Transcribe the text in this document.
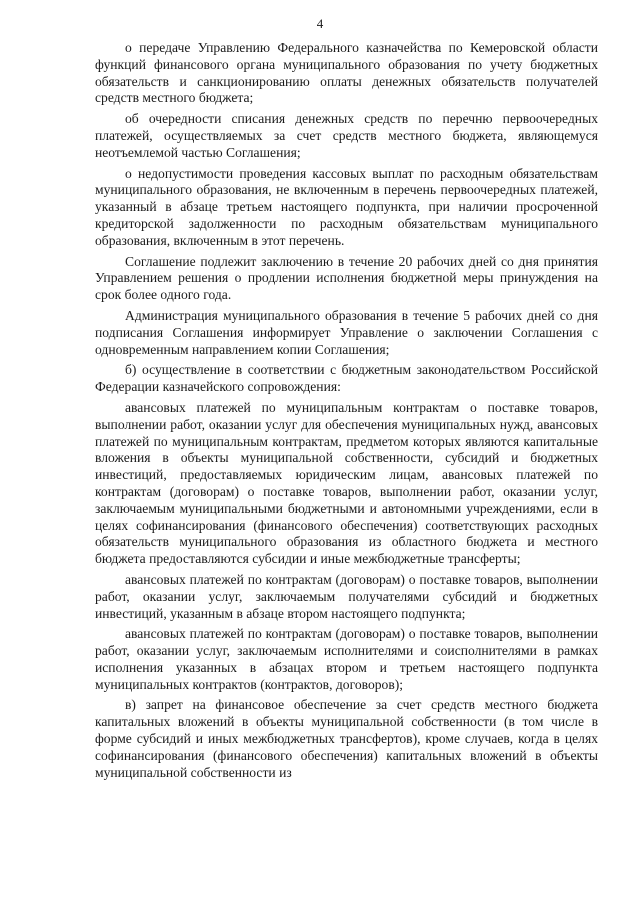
4

о передаче Управлению Федерального казначейства по Кемеровской области функций финансового органа муниципального образования по учету бюджетных обязательств и санкционированию оплаты денежных обязательств получателей средств местного бюджета;

об очередности списания денежных средств по перечню первоочередных платежей, осуществляемых за счет средств местного бюджета, являющемуся неотъемлемой частью Соглашения;

о недопустимости проведения кассовых выплат по расходным обязательствам муниципального образования, не включенным в перечень первоочередных платежей, указанный в абзаце третьем настоящего подпункта, при наличии просроченной кредиторской задолженности по расходным обязательствам муниципального образования, включенным в этот перечень.

Соглашение подлежит заключению в течение 20 рабочих дней со дня принятия Управлением решения о продлении исполнения бюджетной меры принуждения на срок более одного года.

Администрация муниципального образования в течение 5 рабочих дней со дня подписания Соглашения информирует Управление о заключении Соглашения с одновременным направлением копии Соглашения;

б) осуществление в соответствии с бюджетным законодательством Российской Федерации казначейского сопровождения:

авансовых платежей по муниципальным контрактам о поставке товаров, выполнении работ, оказании услуг для обеспечения муниципальных нужд, авансовых платежей по муниципальным контрактам, предметом которых являются капитальные вложения в объекты муниципальной собственности, субсидий и бюджетных инвестиций, предоставляемых юридическим лицам, авансовых платежей по контрактам (договорам) о поставке товаров, выполнении работ, оказании услуг, заключаемым муниципальными бюджетными и автономными учреждениями, если в целях софинансирования (финансового обеспечения) соответствующих расходных обязательств муниципального образования из областного бюджета и местного бюджета предоставляются субсидии и иные межбюджетные трансферты;

авансовых платежей по контрактам (договорам) о поставке товаров, выполнении работ, оказании услуг, заключаемым получателями субсидий и бюджетных инвестиций, указанным в абзаце втором настоящего подпункта;

авансовых платежей по контрактам (договорам) о поставке товаров, выполнении работ, оказании услуг, заключаемым исполнителями и соисполнителями в рамках исполнения указанных в абзацах втором и третьем настоящего подпункта муниципальных контрактов (контрактов, договоров);

в) запрет на финансовое обеспечение за счет средств местного бюджета капитальных вложений в объекты муниципальной собственности (в том числе в форме субсидий и иных межбюджетных трансфертов), кроме случаев, когда в целях софинансирования (финансового обеспечения) капитальных вложений в объекты муниципальной собственности из
